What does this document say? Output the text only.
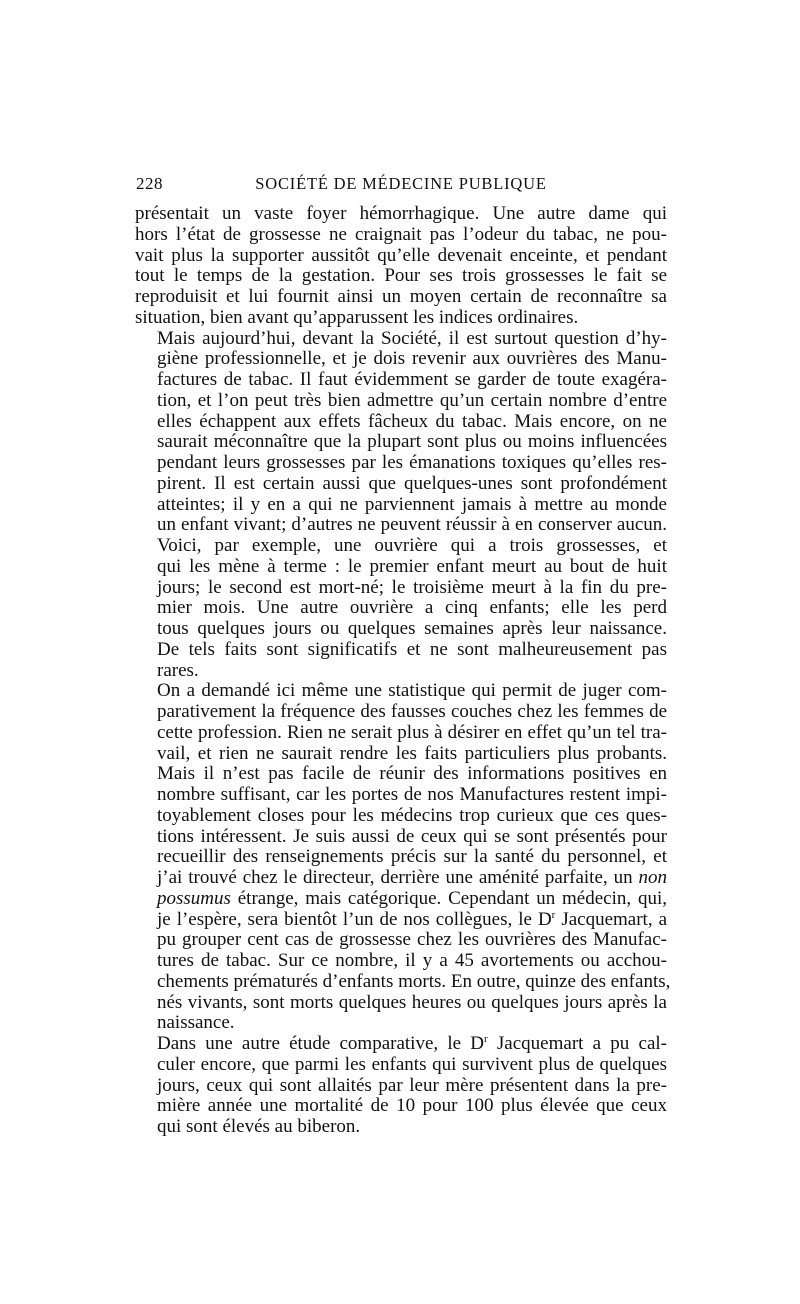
228	SOCIÉTÉ DE MÉDECINE PUBLIQUE

présentait un vaste foyer hémorrhagique. Une autre dame qui
hors l’état de grossesse ne craignait pas l’odeur du tabac, ne pou-
vait plus la supporter aussitôt qu’elle devenait enceinte, et pendant
tout le temps de la gestation. Pour ses trois grossesses le fait se
reproduisit et lui fournit ainsi un moyen certain de reconnaître sa
situation, bien avant qu’apparussent les indices ordinaires.

Mais aujourd’hui, devant la Société, il est surtout question d’hy-
giène professionnelle, et je dois revenir aux ouvrières des Manu-
factures de tabac. Il faut évidemment se garder de toute exagéra-
tion, et l’on peut très bien admettre qu’un certain nombre d’entre
elles échappent aux effets fâcheux du tabac. Mais encore, on ne
saurait méconnaître que la plupart sont plus ou moins influencées
pendant leurs grossesses par les émanations toxiques qu’elles res-
pirent. Il est certain aussi que quelques-unes sont profondément
atteintes; il y en a qui ne parviennent jamais à mettre au monde
un enfant vivant; d’autres ne peuvent réussir à en conserver aucun.
Voici, par exemple, une ouvrière qui a trois grossesses, et
qui les mène à terme : le premier enfant meurt au bout de huit
jours; le second est mort-né; le troisième meurt à la fin du pre-
mier mois. Une autre ouvrière a cinq enfants; elle les perd
tous quelques jours ou quelques semaines après leur naissance.
De tels faits sont significatifs et ne sont malheureusement pas
rares.

On a demandé ici même une statistique qui permit de juger com-
parativement la fréquence des fausses couches chez les femmes de
cette profession. Rien ne serait plus à désirer en effet qu’un tel tra-
vail, et rien ne saurait rendre les faits particuliers plus probants.
Mais il n’est pas facile de réunir des informations positives en
nombre suffisant, car les portes de nos Manufactures restent impi-
toyablement closes pour les médecins trop curieux que ces ques-
tions intéressent. Je suis aussi de ceux qui se sont présentés pour
recueillir des renseignements précis sur la santé du personnel, et
j’ai trouvé chez le directeur, derrière une aménité parfaite, un non
possumus étrange, mais catégorique. Cependant un médecin, qui,
je l’espère, sera bientôt l’un de nos collègues, le $D^r$ Jacquemart, a
pu grouper cent cas de grossesse chez les ouvrières des Manufac-
tures de tabac. Sur ce nombre, il y a 45 avortements ou acchou-
chements prématurés d’enfants morts. En outre, quinze des enfants,
nés vivants, sont morts quelques heures ou quelques jours après la
naissance.

Dans une autre étude comparative, le $D^r$ Jacquemart a pu cal-
culer encore, que parmi les enfants qui survivent plus de quelques
jours, ceux qui sont allaités par leur mère présentent dans la pre-
mière année une mortalité de 10 pour 100 plus élevée que ceux
qui sont élevés au biberon.
